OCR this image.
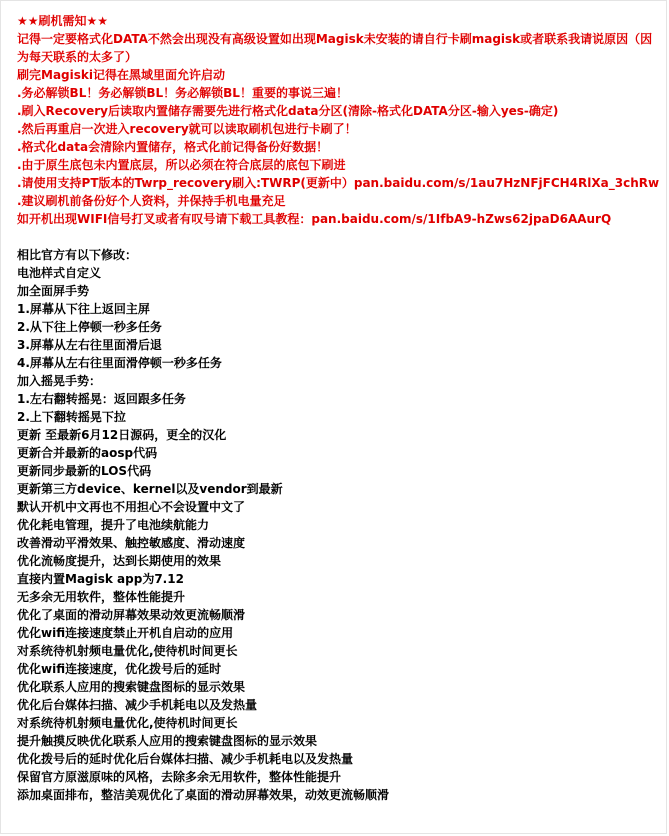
★★刷机需知★★
记得一定要格式化DATA不然会出现没有高级设置如出现Magisk未安装的请自行卡刷magisk或者联系我请说原因（因为每天联系的太多了）
刷完Magiski记得在黑域里面允许启动
.务必解锁BL！务必解锁BL！务必解锁BL！重要的事说三遍！
.刷入Recovery后读取内置储存需要先进行格式化data分区(清除-格式化DATA分区-输入yes-确定)
.然后再重启一次进入recovery就可以读取刷机包进行卡刷了！
.格式化data会清除内置储存，格式化前记得备份好数据！
.由于原生底包未内置底层，所以必须在符合底层的底包下刷进
.请使用支持PT版本的Twrp_recovery刷入:TWRP(更新中）pan.baidu.com/s/1au7HzNFjFCH4RlXa_3chRw
.建议刷机前备份好个人资料，并保持手机电量充足
如开机出现WIFI信号打叉或者有叹号请下载工具教程：pan.baidu.com/s/1IfbA9-hZws62jpaD6AAurQ
相比官方有以下修改：
电池样式自定义
加全面屏手势
1.屏幕从下往上返回主屏
2.从下往上停顿一秒多任务
3.屏幕从左右往里面滑后退
4.屏幕从左右往里面滑停顿一秒多任务
加入摇晃手势：
1.左右翻转摇晃：返回跟多任务
2.上下翻转摇晃下拉
更新 至最新6月12日源码，更全的汉化
更新合并最新的aosp代码
更新同步最新的LOS代码
更新第三方device、kernel以及vendor到最新
默认开机中文再也不用担心不会设置中文了
优化耗电管理，提升了电池续航能力
改善滑动平滑效果、触控敏感度、滑动速度
优化流畅度提升，达到长期使用的效果
直接内置Magisk app为7.12
无多余无用软件，整体性能提升
优化了桌面的滑动屏幕效果动效更流畅顺滑
优化wifi连接速度禁止开机自启动的应用
对系统待机射频电量优化,使待机时间更长
优化wifi连接速度，优化拨号后的延时
优化联系人应用的搜索键盘图标的显示效果
优化后台媒体扫描、减少手机耗电以及发热量
对系统待机射频电量优化,使待机时间更长
提升触摸反映优化联系人应用的搜索键盘图标的显示效果
优化拨号后的延时优化后台媒体扫描、减少手机耗电以及发热量
保留官方原滋原味的风格，去除多余无用软件，整体性能提升
添加桌面排布，整洁美观优化了桌面的滑动屏幕效果，动效更流畅顺滑
